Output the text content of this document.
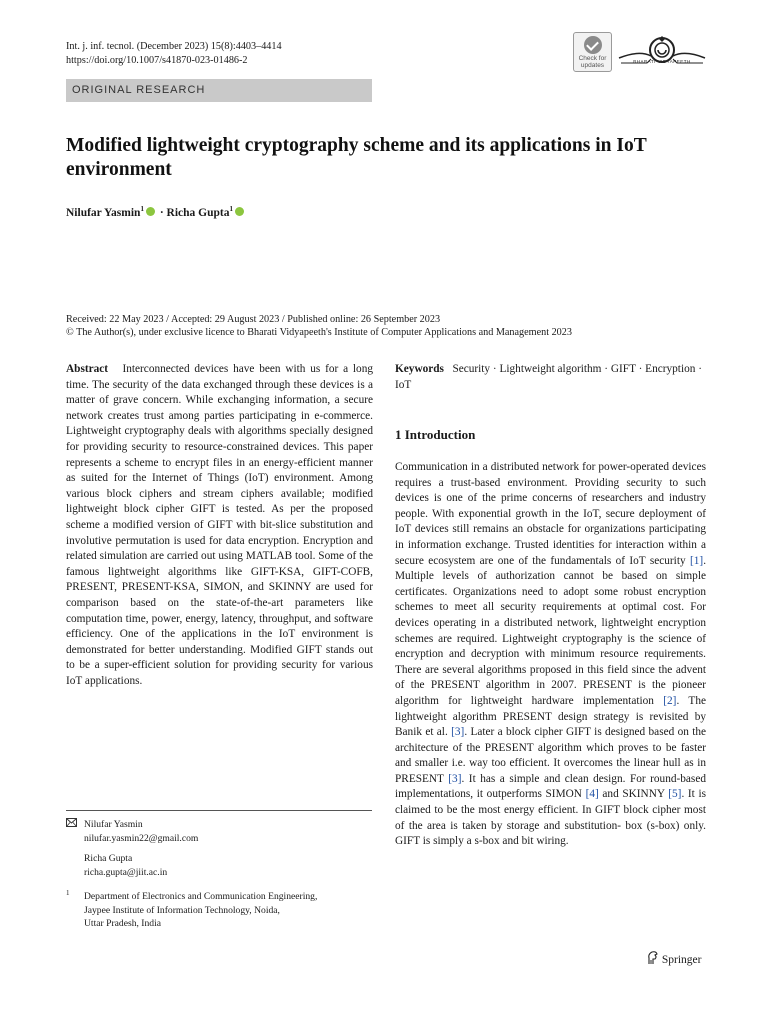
Int. j. inf. tecnol. (December 2023) 15(8):4403–4414
https://doi.org/10.1007/s41870-023-01486-2	Check for updates
BHARATI VIDYAPEETH
ORIGINAL RESEARCH
Modified lightweight cryptography scheme and its applications in IoT environment
Nilufar Yasmin$^1$ · Richa Gupta$^1$
Received: 22 May 2023 / Accepted: 29 August 2023 / Published online: 26 September 2023
© The Author(s), under exclusive licence to Bharati Vidyapeeth's Institute of Computer Applications and Management 2023
Abstract Interconnected devices have been with us for a long time. The security of the data exchanged through these devices is a matter of grave concern. While exchanging information, a secure network creates trust among parties participating in e-commerce. Lightweight cryptography deals with algorithms specially designed for providing security to resource-constrained devices. This paper represents a scheme to encrypt files in an energy-efficient manner as suited for the Internet of Things (IoT) environment. Among various block ciphers and stream ciphers available; modified lightweight block cipher GIFT is tested. As per the proposed scheme a modified version of GIFT with bit-slice substitution and involutive permutation is used for data encryption. Encryption and related simulation are carried out using MATLAB tool. Some of the famous lightweight algorithms like GIFT-KSA, GIFT-COFB, PRESENT, PRESENT-KSA, SIMON, and SKINNY are used for comparison based on the state-of-the-art parameters like computation time, power, energy, latency, throughput, and software efficiency. One of the applications in the IoT environment is demonstrated for better understanding. Modified GIFT stands out to be a super-efficient solution for providing security for various IoT applications.
Keywords Security · Lightweight algorithm · GIFT · Encryption · IoT
1 Introduction
Communication in a distributed network for power-operated devices requires a trust-based environment. Providing security to such devices is one of the prime concerns of researchers and industry people. With exponential growth in the IoT, secure deployment of IoT devices still remains an obstacle for organizations participating in information exchange. Trusted identities for interaction within a secure ecosystem are one of the fundamentals of IoT security [1]. Multiple levels of authorization cannot be based on simple certificates. Organizations need to adopt some robust encryption schemes to meet all security requirements at optimal cost. For devices operating in a distributed network, lightweight encryption schemes are required. Lightweight cryptography is the science of encryption and decryption with minimum resource requirements. There are several algorithms proposed in this field since the advent of the PRESENT algorithm in 2007. PRESENT is the pioneer algorithm for lightweight hardware implementation [2]. The lightweight algorithm PRESENT design strategy is revisited by Banik et al. [3]. Later a block cipher GIFT is designed based on the architecture of the PRESENT algorithm which proves to be faster and smaller i.e. way too efficient. It overcomes the linear hull as in PRESENT [3]. It has a simple and clean design. For round-based implementations, it outperforms SIMON [4] and SKINNY [5]. It is claimed to be the most energy efficient. In GIFT block cipher most of the area is taken by storage and substitution- box (s-box) only. GIFT is simply a s-box and bit wiring.
Nilufar Yasmin
nilufar.yasmin22@gmail.com
Richa Gupta
richa.gupta@jiit.ac.in
1 Department of Electronics and Communication Engineering,
Jaypee Institute of Information Technology, Noida,
Uttar Pradesh, India
Springer
